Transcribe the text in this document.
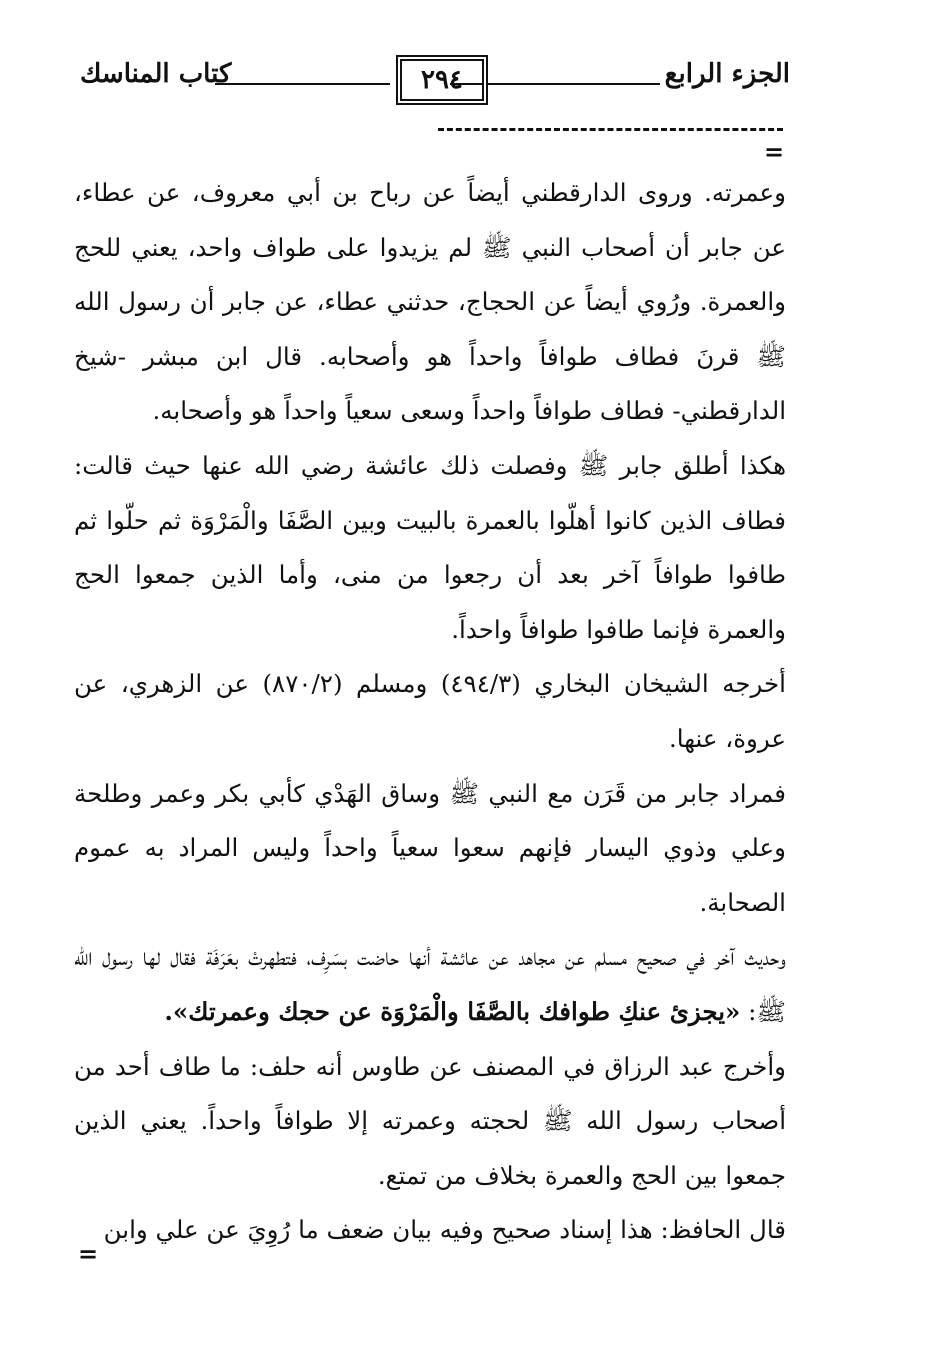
الجزء الرابع
٢٩٤
كتاب المناسك
=

وعمرته. وروى الدارقطني أيضاً عن رباح بن أبي معروف، عن عطاء، عن جابر أن أصحاب النبي ﷺ لم يزيدوا على طواف واحد، يعني للحج والعمرة. ورُوي أيضاً عن الحجاج، حدثني عطاء، عن جابر أن رسول الله ﷺ قرنَ فطاف طوافاً واحداً هو وأصحابه. قال ابن مبشر -شيخ الدارقطني- فطاف طوافاً واحداً وسعى سعياً واحداً هو وأصحابه.

هكذا أطلق جابر ﷺ وفصلت ذلك عائشة رضي الله عنها حيث قالت: فطاف الذين كانوا أهلّوا بالعمرة بالبيت وبين الصَّفَا والْمَرْوَة ثم حلّوا ثم طافوا طوافاً آخر بعد أن رجعوا من منى، وأما الذين جمعوا الحج والعمرة فإنما طافوا طوافاً واحداً.

أخرجه الشيخان البخاري (٤٩٤/٣) ومسلم (٨٧٠/٢) عن الزهري، عن عروة، عنها.

فمراد جابر من قَرَن مع النبي ﷺ وساق الهَدْي كأبي بكر وعمر وطلحة وعلي وذوي اليسار فإنهم سعوا سعياً واحداً وليس المراد به عموم الصحابة.

وحديث آخر في صحيح مسلم عن مجاهد عن عائشة أنها حاضت بسَرِف، فتطهرتْ بعَرَفَة فقال لها رسول الله ﷺ: «يجزئ عنكِ طوافك بالصَّفَا والْمَرْوَة عن حجك وعمرتك».

وأخرج عبد الرزاق في المصنف عن طاوس أنه حلف: ما طاف أحد من أصحاب رسول الله ﷺ لحجته وعمرته إلا طوافاً واحداً. يعني الذين جمعوا بين الحج والعمرة بخلاف من تمتع.

قال الحافظ: هذا إسناد صحيح وفيه بيان ضعف ما رُوِيَ عن علي وابن

=
